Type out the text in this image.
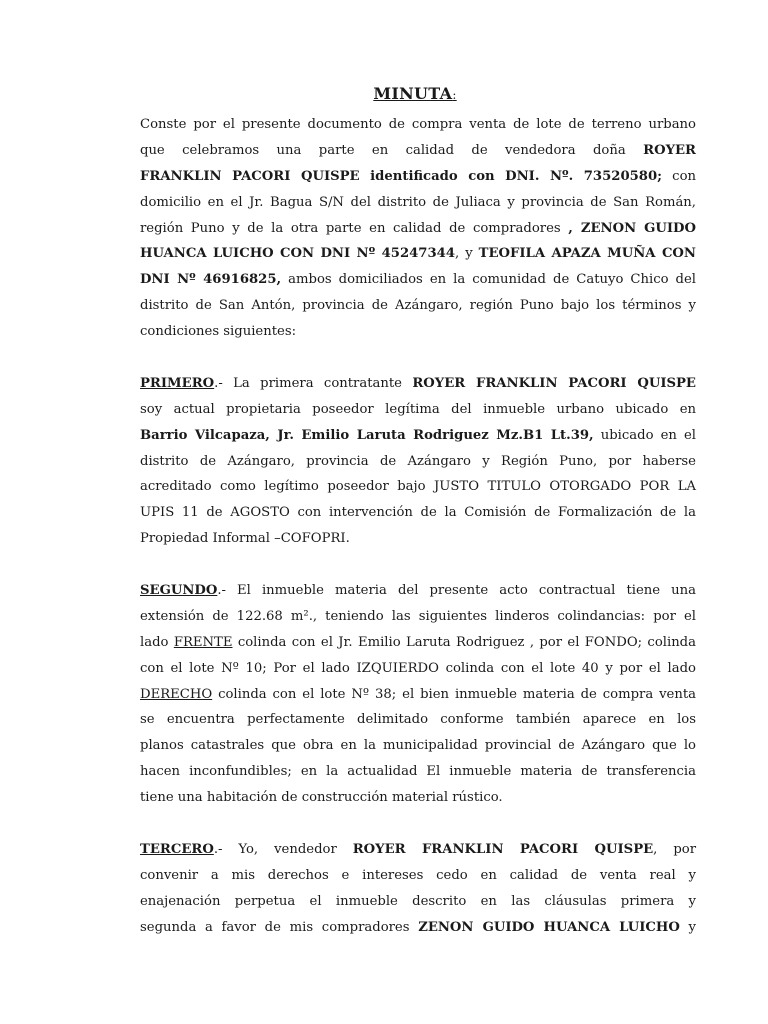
MINUTA:
Conste por el presente documento de compra venta de lote de terreno urbano
que celebramos una parte en calidad de vendedora doña ROYER
FRANKLIN PACORI QUISPE identificado con DNI. Nº. 73520580; con
domicilio en el Jr. Bagua S/N del distrito de Juliaca y provincia de San Román,
región Puno y de la otra parte en calidad de compradores , ZENON GUIDO
HUANCA LUICHO CON DNI Nº 45247344, y TEOFILA APAZA MUÑA CON
DNI Nº 46916825, ambos domiciliados en la comunidad de Catuyo Chico del
distrito de San Antón, provincia de Azángaro, región Puno bajo los términos y
condiciones siguientes:
PRIMERO.- La primera contratante ROYER FRANKLIN PACORI QUISPE
soy actual propietaria poseedor legítima del inmueble urbano ubicado en
Barrio Vilcapaza, Jr. Emilio Laruta Rodriguez Mz.B1 Lt.39, ubicado en el
distrito de Azángaro, provincia de Azángaro y Región Puno, por haberse
acreditado como legítimo poseedor bajo JUSTO TITULO OTORGADO POR LA
UPIS 11 de AGOSTO con intervención de la Comisión de Formalización de la
Propiedad Informal –COFOPRI.
SEGUNDO.- El inmueble materia del presente acto contractual tiene una
extensión de 122.68 m²., teniendo las siguientes linderos colindancias: por el
lado FRENTE colinda con el Jr. Emilio Laruta Rodriguez , por el FONDO; colinda
con el lote Nº 10; Por el lado IZQUIERDO colinda con el lote 40 y por el lado
DERECHO colinda con el lote Nº 38; el bien inmueble materia de compra venta
se encuentra perfectamente delimitado conforme también aparece en los
planos catastrales que obra en la municipalidad provincial de Azángaro que lo
hacen inconfundibles; en la actualidad El inmueble materia de transferencia
tiene una habitación de construcción material rústico.
TERCERO.- Yo, vendedor ROYER FRANKLIN PACORI QUISPE, por
convenir a mis derechos e intereses cedo en calidad de venta real y
enajenación perpetua el inmueble descrito en las cláusulas primera y
segunda a favor de mis compradores ZENON GUIDO HUANCA LUICHO y
